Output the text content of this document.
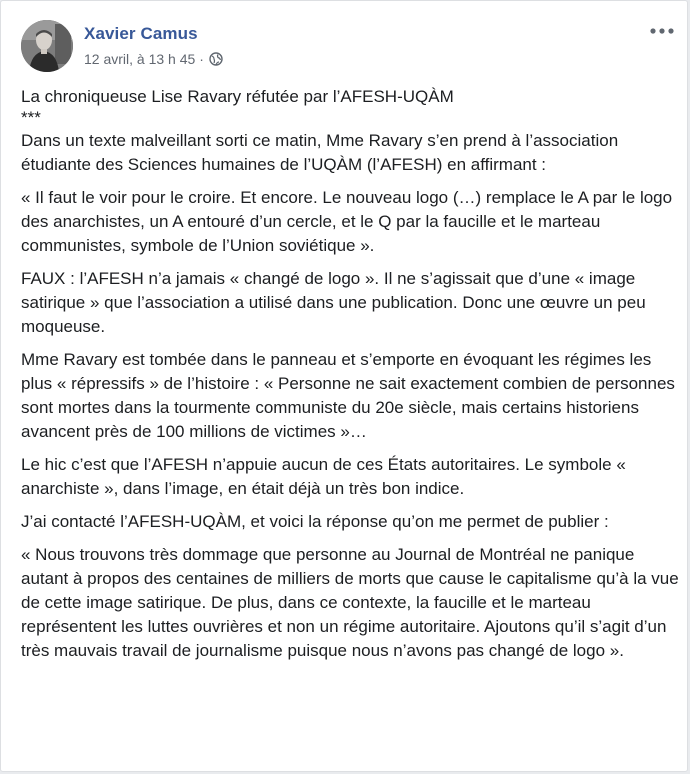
Xavier Camus
12 avril, à 13 h 45 ·

La chroniqueuse Lise Ravary réfutée par l’AFESH-UQÀM

***

Dans un texte malveillant sorti ce matin, Mme Ravary s’en prend à l’association étudiante des Sciences humaines de l’UQÀM (l’AFESH) en affirmant :

« Il faut le voir pour le croire. Et encore. Le nouveau logo (…) remplace le A par le logo des anarchistes, un A entouré d’un cercle, et le Q par la faucille et le marteau communistes, symbole de l’Union soviétique ».

FAUX : l’AFESH n’a jamais « changé de logo ». Il ne s’agissait que d’une « image satirique » que l’association a utilisé dans une publication. Donc une œuvre un peu moqueuse.

Mme Ravary est tombée dans le panneau et s’emporte en évoquant les régimes les plus « répressifs » de l’histoire : « Personne ne sait exactement combien de personnes sont mortes dans la tourmente communiste du 20e siècle, mais certains historiens avancent près de 100 millions de victimes »…

Le hic c’est que l’AFESH n’appuie aucun de ces États autoritaires. Le symbole « anarchiste », dans l’image, en était déjà un très bon indice.

J’ai contacté l’AFESH-UQÀM, et voici la réponse qu’on me permet de publier :

« Nous trouvons très dommage que personne au Journal de Montréal ne panique autant à propos des centaines de milliers de morts que cause le capitalisme qu’à la vue de cette image satirique. De plus, dans ce contexte, la faucille et le marteau représentent les luttes ouvrières et non un régime autoritaire. Ajoutons qu’il s’agit d’un très mauvais travail de journalisme puisque nous n’avons pas changé de logo ».
